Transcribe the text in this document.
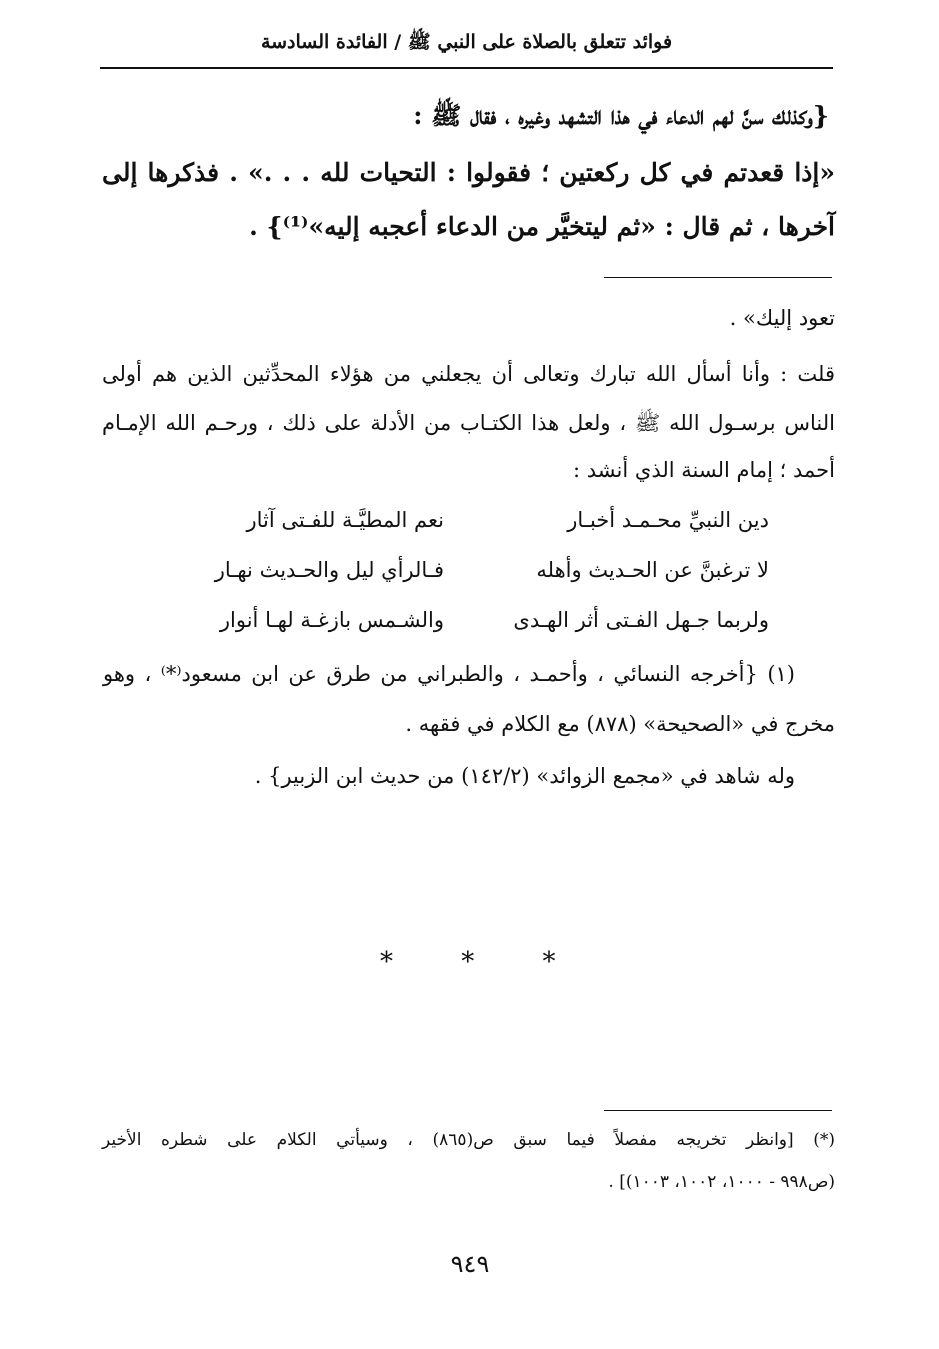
فوائد تتعلق بالصلاة على النبي ﷺ / الفائدة السادسة
{وكذلك سنَّ لهم الدعاء في هذا التشهد وغيره ، فقال ﷺ :
«إذا قعدتم في كل ركعتين ؛ فقولوا : التحيات لله . . .» . فذكرها إلى
آخرها ، ثم قال : «ثم ليتخيَّر من الدعاء أعجبه إليه»⁽¹⁾} .
تعود إليك» .
قلت : وأنا أسأل الله تبارك وتعالى أن يجعلني من هؤلاء المحدِّثين الذين هم أولى
الناس برسـول الله ﷺ ، ولعل هذا الكتـاب من الأدلة على ذلك ، ورحـم الله الإمـام
أحمد ؛ إمام السنة الذي أنشد :
دين النبيِّ محـمـد أخبـار
نعم المطيَّـة للفـتى آثار
لا ترغبنَّ عن الحـديث وأهله
فـالرأي ليل والحـديث نهـار
ولربما جـهل الفـتى أثر الهـدى
والشـمس بازغـة لهـا أنوار
(١) {أخرجه النسائي ، وأحمـد ، والطبراني من طرق عن ابن مسعود⁽*⁾ ، وهو
مخرج في «الصحيحة» (٨٧٨) مع الكلام في فقهه .
وله شاهد في «مجمع الزوائد» (١٤٢/٢) من حديث ابن الزبير} .
* * *
(*) [وانظر تخريجه مفصلاً فيما سبق ص(٨٦٥) ، وسيأتي الكلام على شطره الأخير
(ص٩٩٨ - ١٠٠٠، ١٠٠٢، ١٠٠٣)] .
٩٤٩
